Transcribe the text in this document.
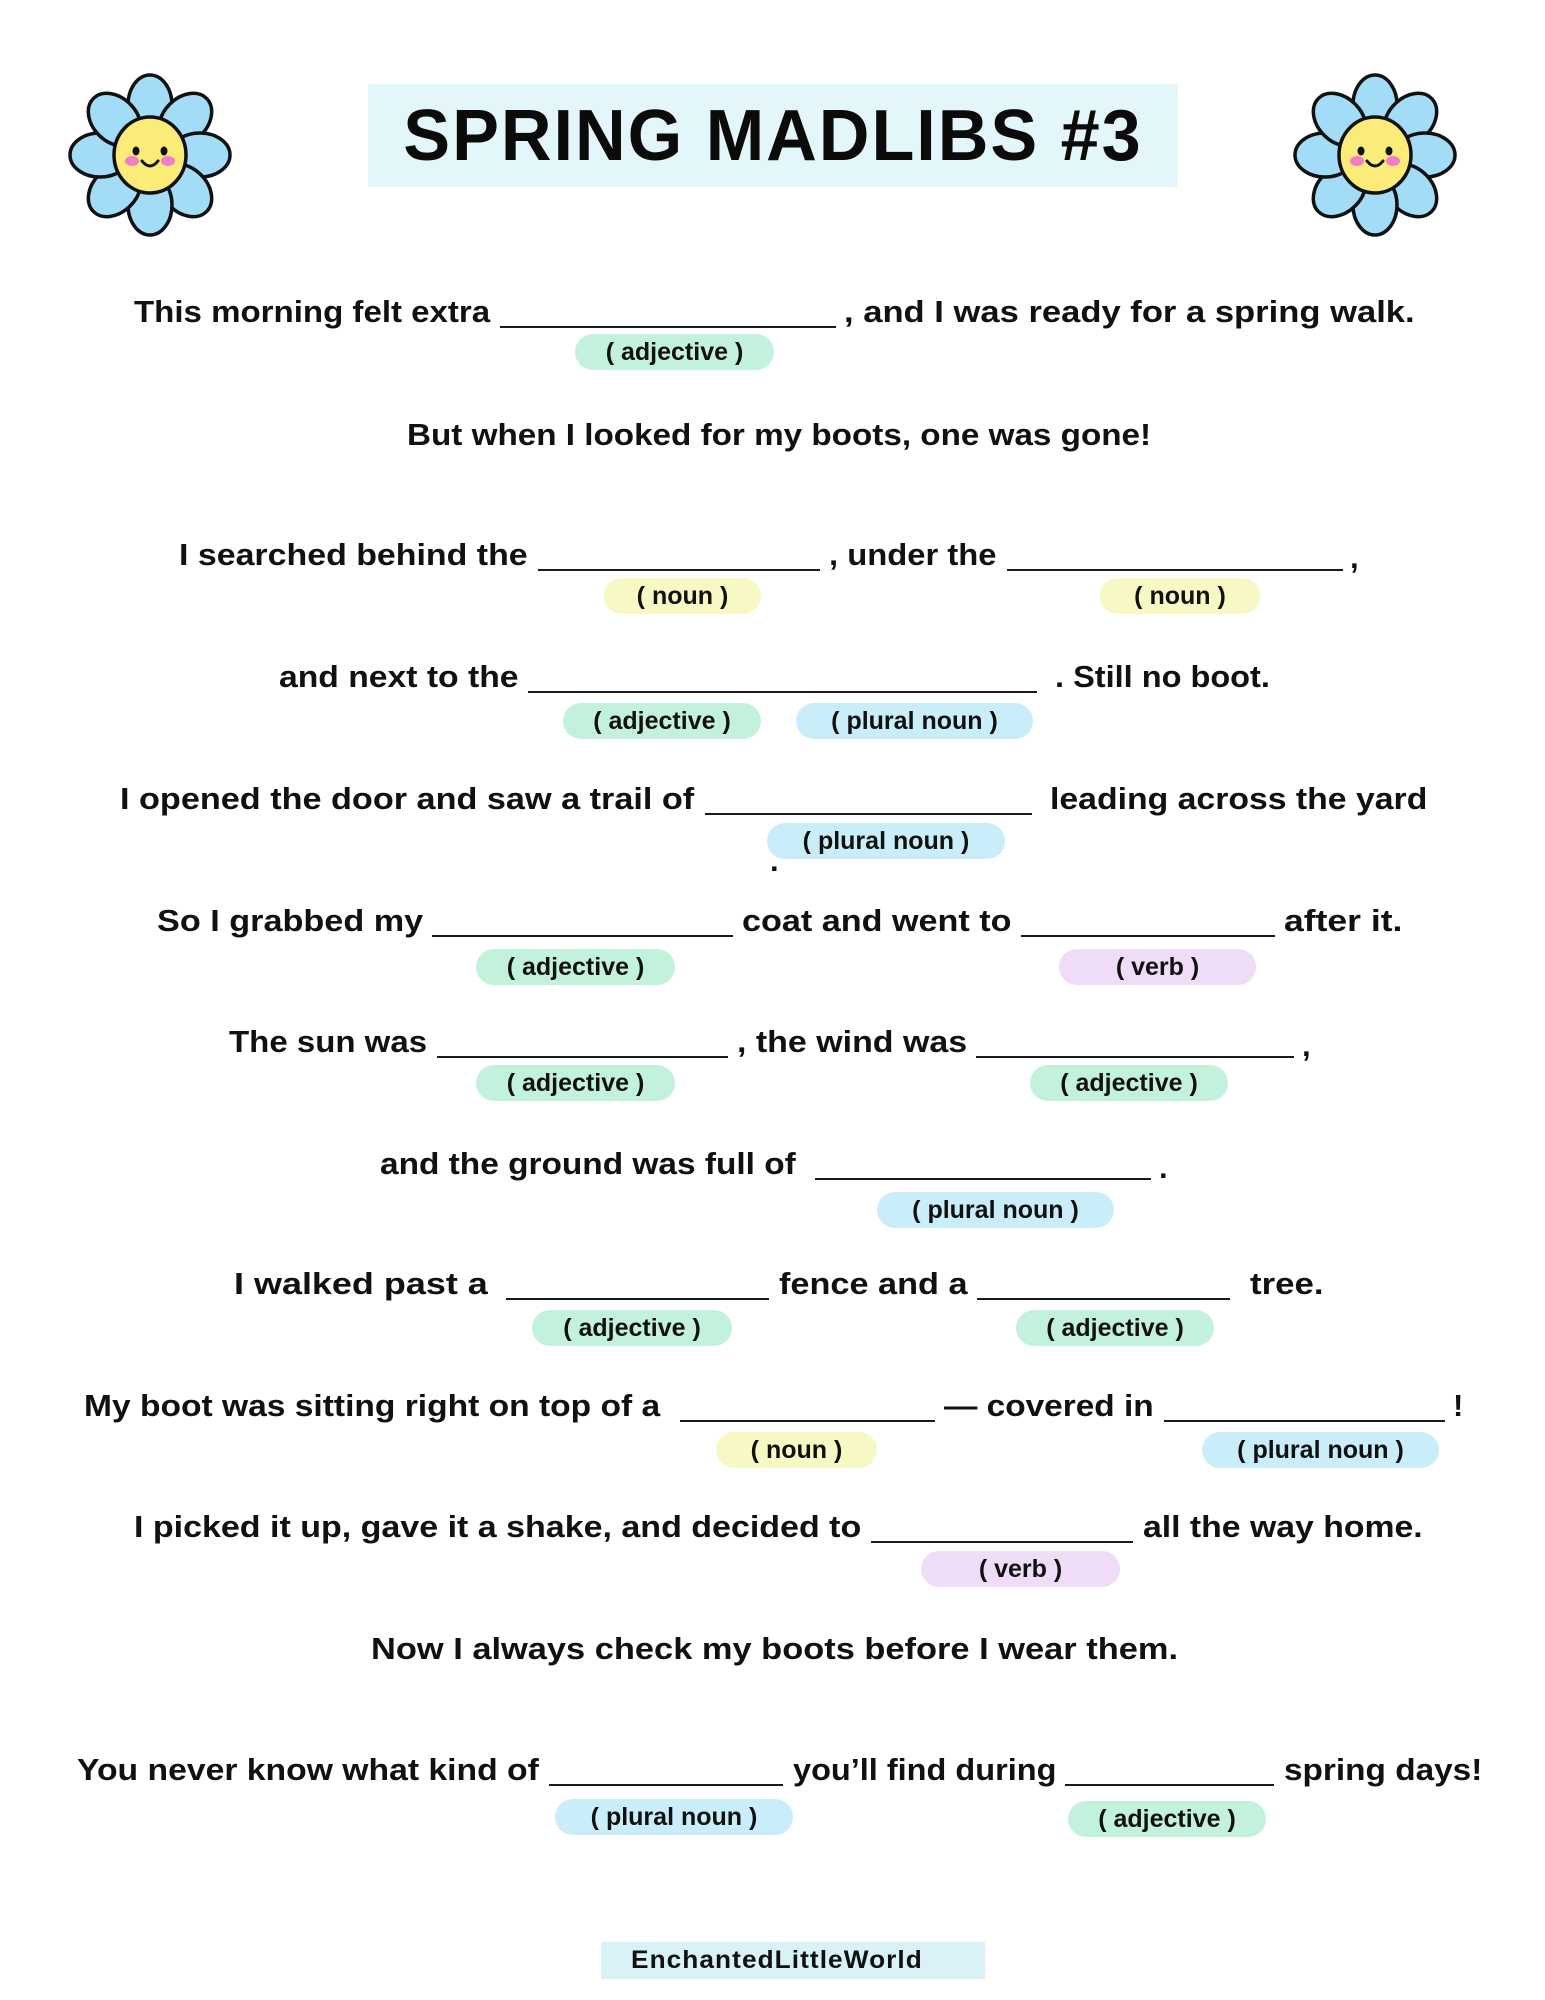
SPRING MADLIBS #3
This morning felt extra	, and I was ready for a spring walk.
( adjective )
But when I looked for my boots, one was gone!
I searched behind the	, under the	,
( noun )	( noun )
and next to the	. Still no boot.
( adjective )	( plural noun )
I opened the door and saw a trail of	leading across the yard
( plural noun )
.
So I grabbed my	coat and went to	after it.
( adjective )	( verb )
The sun was	, the wind was	,
( adjective )	( adjective )
and the ground was full of	.
( plural noun )
I walked past a	fence and a	tree.
( adjective )	( adjective )
My boot was sitting right on top of a	— covered in	!
( noun )	( plural noun )
I picked it up, gave it a shake, and decided to	all the way home.
( verb )
Now I always check my boots before I wear them.
You never know what kind of	you’ll find during	spring days!
( plural noun )	( adjective )
EnchantedLittleWorld
